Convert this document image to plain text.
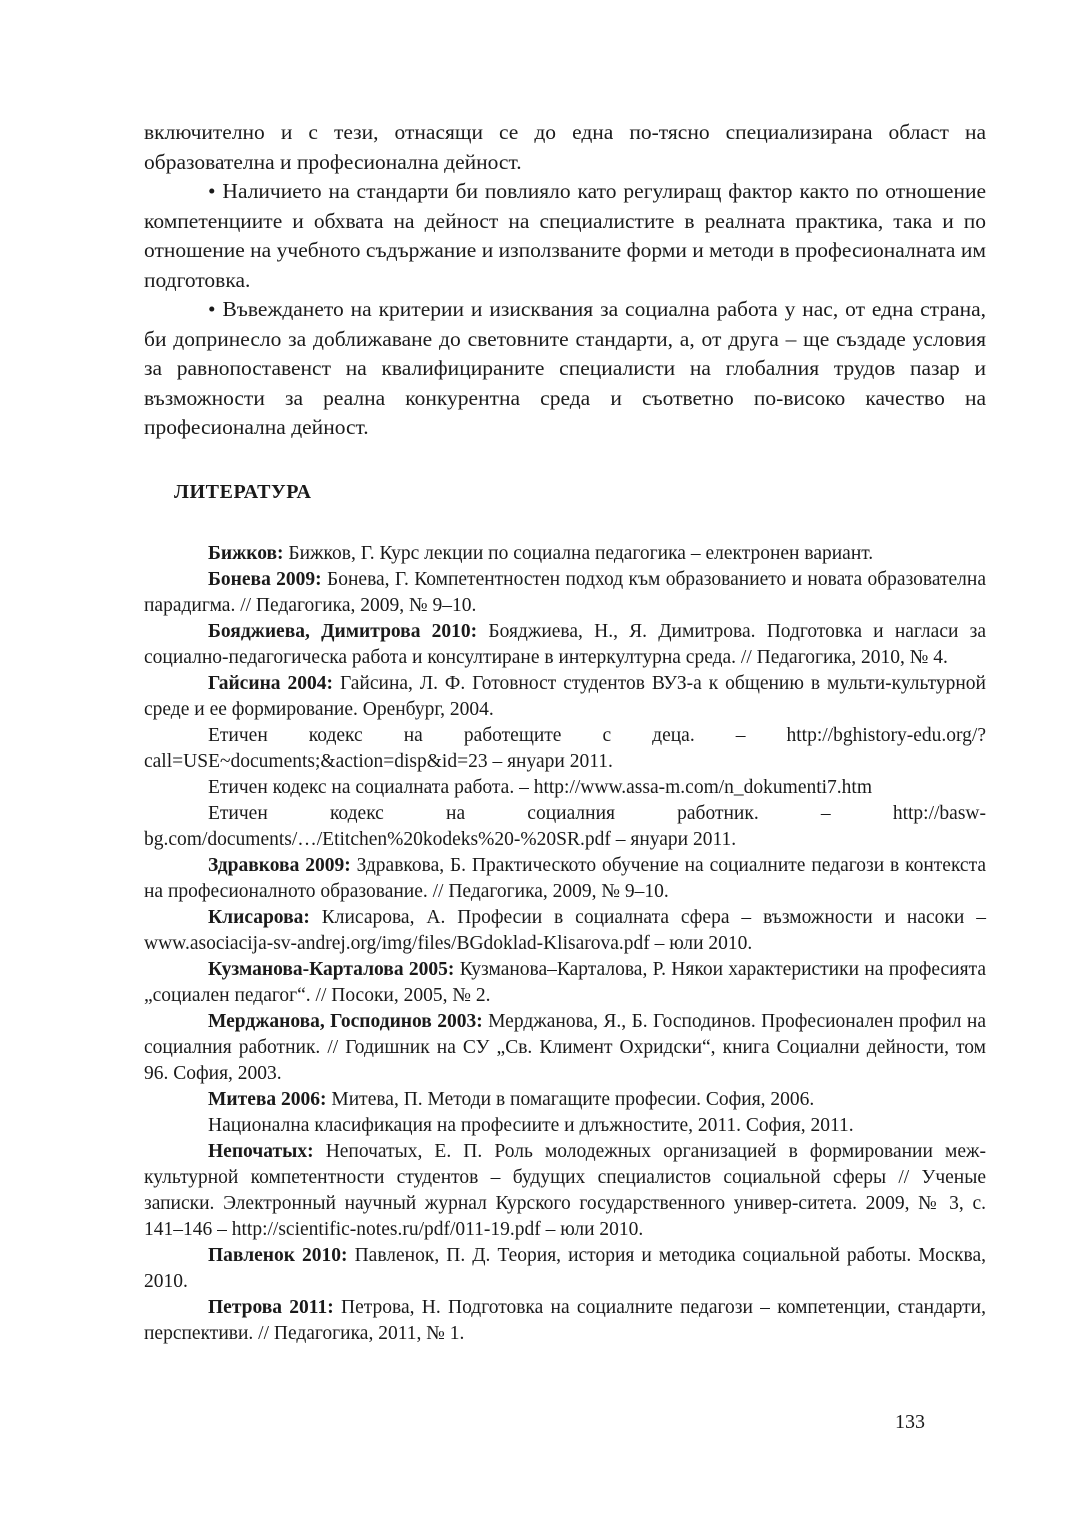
включително и с тези, отнасящи се до една по-тясно специализирана област на образователна и професионална дейност.

• Наличието на стандарти би повлияло като регулиращ фактор както по отношение компетенциите и обхвата на дейност на специалистите в реалната практика, така и по отношение на учебното съдържание и използваните форми и методи в професионалната им подготовка.

• Въвеждането на критерии и изисквания за социална работа у нас, от една страна, би допринесло за доближаване до световните стандарти, а, от друга – ще създаде условия за равнопоставенст на квалифицираните специалисти на глобалния трудов пазар и възможности за реална конкурентна среда и съответно по-високо качество на професионална дейност.

ЛИТЕРАТУРА

Бижков: Бижков, Г. Курс лекции по социална педагогика – електронен вариант.

Бонева 2009: Бонева, Г. Компетентностен подход към образованието и новата образователна парадигма. // Педагогика, 2009, № 9–10.

Бояджиева, Димитрова 2010: Бояджиева, Н., Я. Димитрова. Подготовка и нагласи за социално-педагогическа работа и консултиране в интеркултурна среда. // Педагогика, 2010, № 4.

Гайсина 2004: Гайсина, Л. Ф. Готовност студентов ВУЗ-а к общению в мульти-культурной среде и ее формирование. Оренбург, 2004.

Етичен кодекс на работещите с деца. – http://bghistory-edu.org/?call=USE~documents;&action=disp&id=23 – януари 2011.

Етичен кодекс на социалната работа. – http://www.assa-m.com/n_dokumenti7.htm

Етичен кодекс на социалния работник. – http://basw-bg.com/documents/…/Etitchen%20kodeks%20-%20SR.pdf – януари 2011.

Здравкова 2009: Здравкова, Б. Практическото обучение на социалните педагози в контекста на професионалното образование. // Педагогика, 2009, № 9–10.

Клисарова: Клисарова, А. Професии в социалната сфера – възможности и насоки – www.asociacija-sv-andrej.org/img/files/BGdoklad-Klisarova.pdf – юли 2010.

Кузманова-Карталова 2005: Кузманова–Карталова, Р. Някои характеристики на професията „социален педагог“. // Посоки, 2005, № 2.

Мерджанова, Господинов 2003: Мерджанова, Я., Б. Господинов. Професионален профил на социалния работник. // Годишник на СУ „Св. Климент Охридски“, книга Социални дейности, том 96. София, 2003.

Митева 2006: Митева, П. Методи в помагащите професии. София, 2006.

Национална класификация на професиите и длъжностите, 2011. София, 2011.

Непочатых: Непочатых, Е. П. Роль молодежных организацией в формировании меж-культурной компетентности студентов – будущих специалистов социальной сферы // Ученые записки. Электронный научный журнал Курского государственного универ-ситета. 2009, № 3, с. 141–146 – http://scientific-notes.ru/pdf/011-19.pdf – юли 2010.

Павленок 2010: Павленок, П. Д. Теория, история и методика социальной работы. Москва, 2010.

Петрова 2011: Петрова, Н. Подготовка на социалните педагози – компетенции, стандарти, перспективи. // Педагогика, 2011, № 1.

133
